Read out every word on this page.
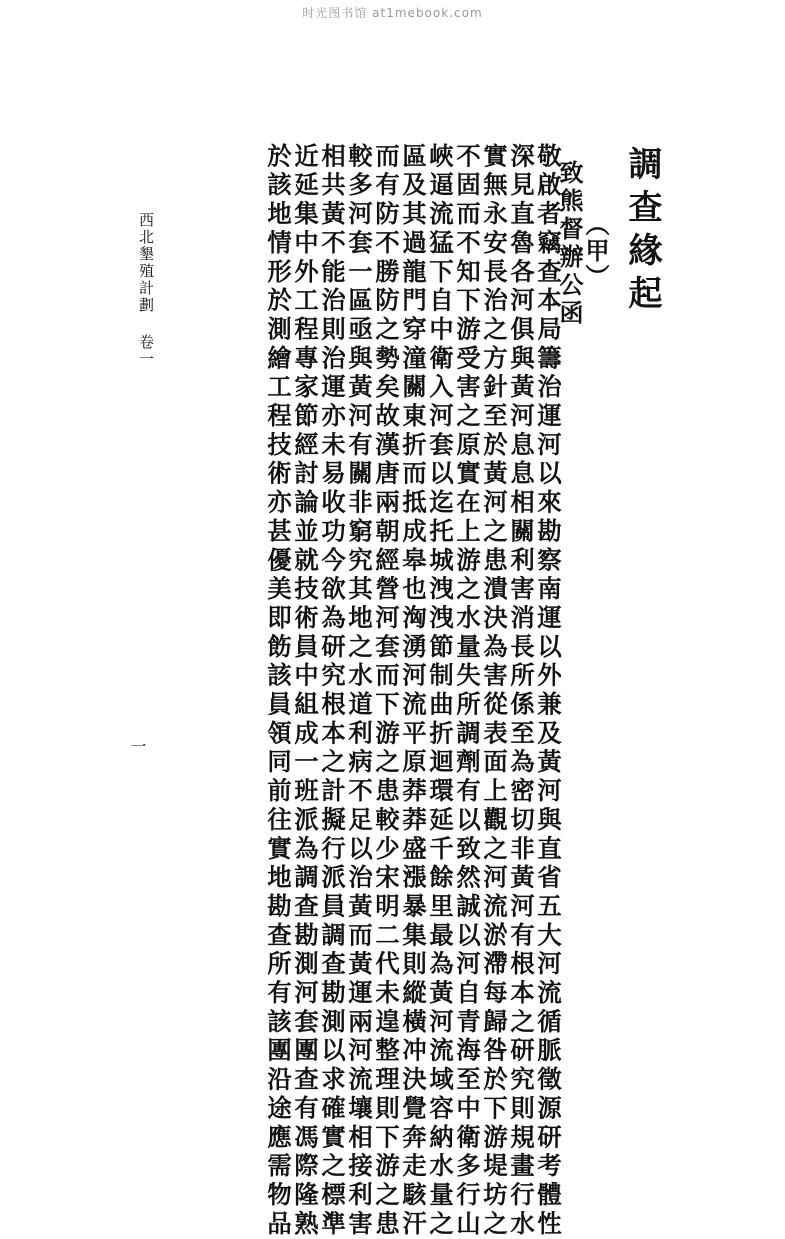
时光图书馆 at1mebook.com
調查緣起
（甲）
致熊督辦公函
敬啟者竊查本局籌治運河以來勘察南運以外兼及黃河與直省五大河流循脈徵源研考體性
深見直魯各河俱與黃河息息相關利害消長所係至為密切非黃河有根本之研究則規畫行水
實無永安長治之方針至於黃河之患潰決為害從表面上觀之河流淤滯每歸咎於下游堤坊之
不固而不知下游受害之原實在上游之水量失所調劑有以致然誠以河自青海至中衛多行山
峽逼流猛下自中衛入河套以迄托城洩洩節制曲折迴環延千餘里最為黃河流域容納水量之
區及其過龍門穿潼關東折而抵成皋也洶湧河流平原莽莽盛漲暴集則縱橫冲決覺奔走駭汗
而有防不勝防之勢矣故漢唐兩朝經營河套而下游之患較少宋明二代未遑整理則下游之患
較多河套一區亟與黃河有關非窮究其地之水道利病不足以治黃而黃運兩河流壤相接利害
相共黃不能治則治運亦未易收功今欲為研究根本之計擬行派員調查勘測以求確實之標準
近延集中外工程專家節經討論並就技術員中組成一班派為調查勘測河套團查有馮際隆熟
於該地情形於測繪工程技術亦甚優美即飭該員領同前往實地勘查所有該團沿途應需物品
西北墾殖計劃 卷一
一
